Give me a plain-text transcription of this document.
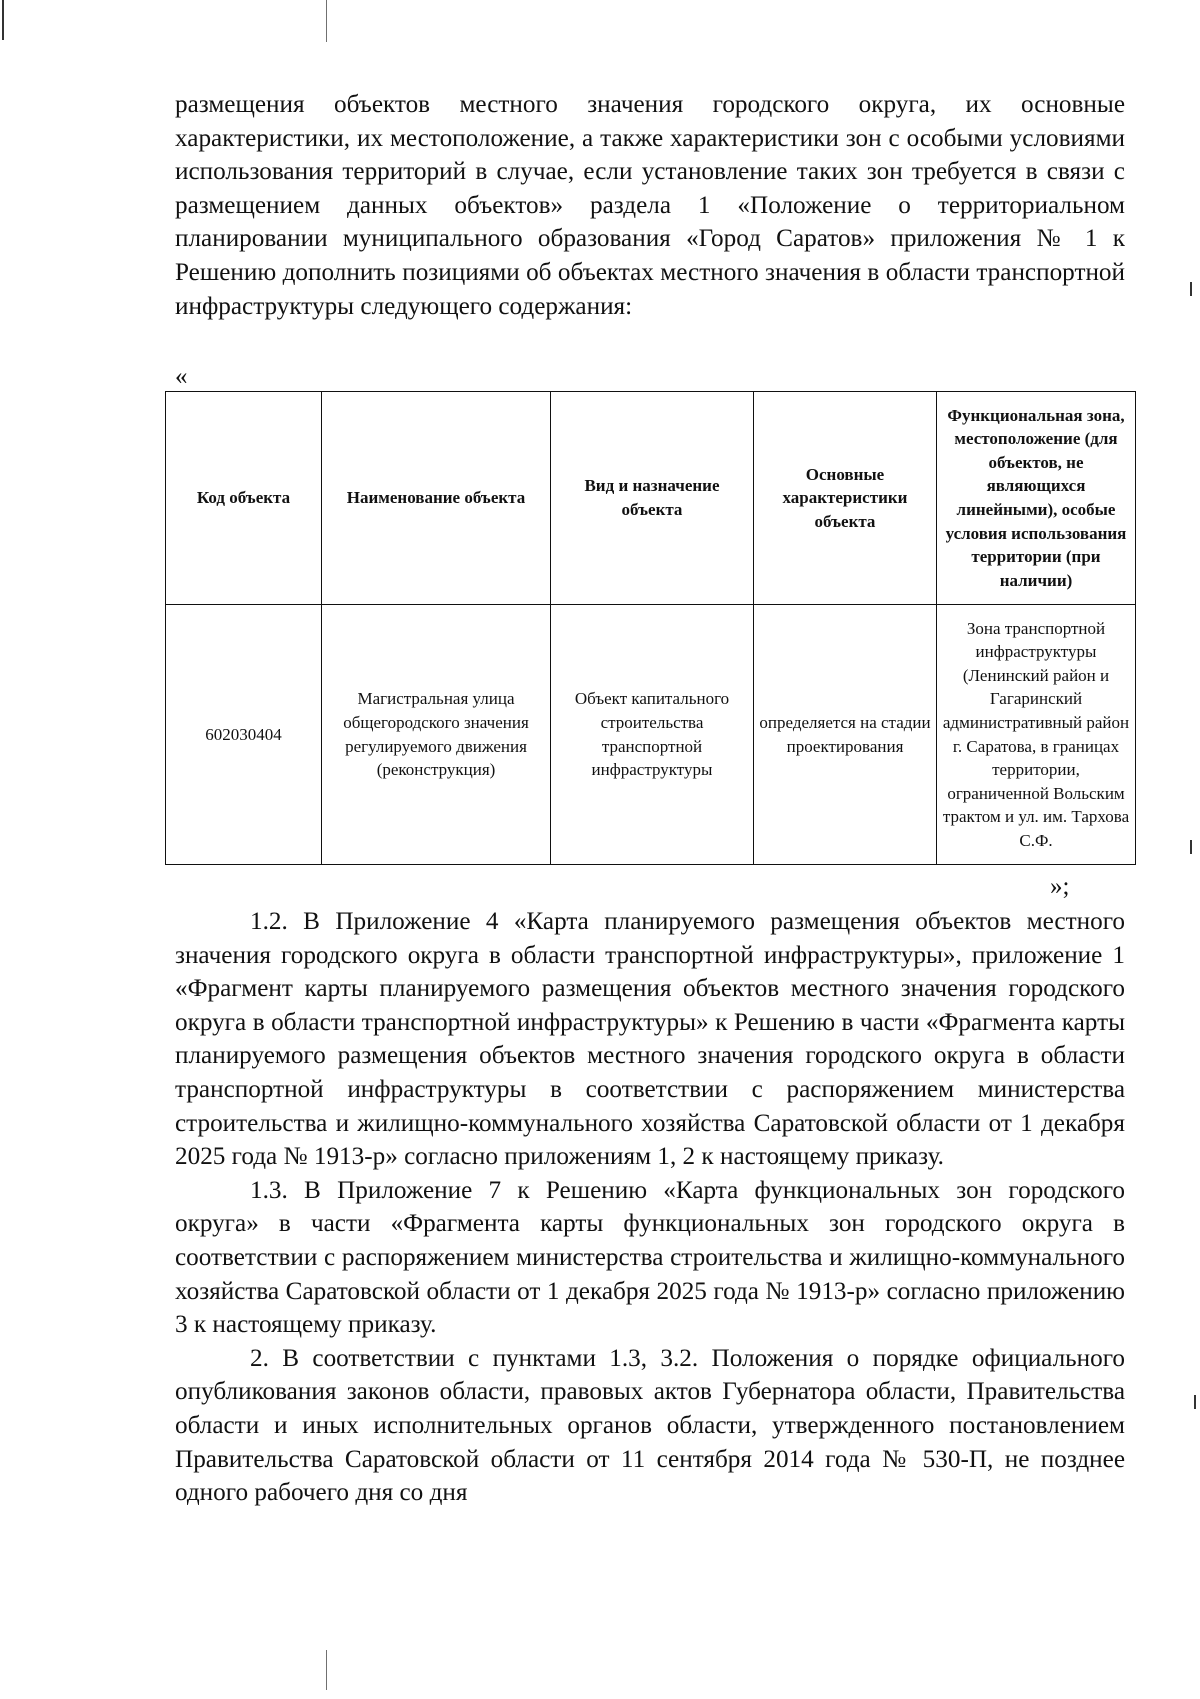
размещения объектов местного значения городского округа, их основные характеристики, их местоположение, а также характеристики зон с особыми условиями использования территорий в случае, если установление таких зон требуется в связи с размещением данных объектов» раздела 1 «Положение о территориальном планировании муниципального образования «Город Саратов» приложения № 1 к Решению дополнить позициями об объектах местного значения в области транспортной инфраструктуры следующего содержания:

«
Код объекта	Наименование объекта	Вид и назначение объекта	Основные характеристики объекта	Функциональная зона, местоположение (для объектов, не являющихся линейными), особые условия использования территории (при наличии)
602030404	Магистральная улица общегородского значения регулируемого движения (реконструкция)	Объект капитального строительства транспортной инфраструктуры	определяется на стадии проектирования	Зона транспортной инфраструктуры (Ленинский район и Гагаринский административный район г. Саратова, в границах территории, ограниченной Вольским трактом и ул. им. Тархова С.Ф.
»;

1.2. В Приложение 4 «Карта планируемого размещения объектов местного значения городского округа в области транспортной инфраструктуры», приложение 1 «Фрагмент карты планируемого размещения объектов местного значения городского округа в области транспортной инфраструктуры» к Решению в части «Фрагмента карты планируемого размещения объектов местного значения городского округа в области транспортной инфраструктуры в соответствии с распоряжением министерства строительства и жилищно-коммунального хозяйства Саратовской области от 1 декабря 2025 года № 1913-р» согласно приложениям 1, 2 к настоящему приказу.

1.3. В Приложение 7 к Решению «Карта функциональных зон городского округа» в части «Фрагмента карты функциональных зон городского округа в соответствии с распоряжением министерства строительства и жилищно-коммунального хозяйства Саратовской области от 1 декабря 2025 года № 1913-р» согласно приложению 3 к настоящему приказу.

2. В соответствии с пунктами 1.3, 3.2. Положения о порядке официального опубликования законов области, правовых актов Губернатора области, Правительства области и иных исполнительных органов области, утвержденного постановлением Правительства Саратовской области от 11 сентября 2014 года № 530-П, не позднее одного рабочего дня со дня
